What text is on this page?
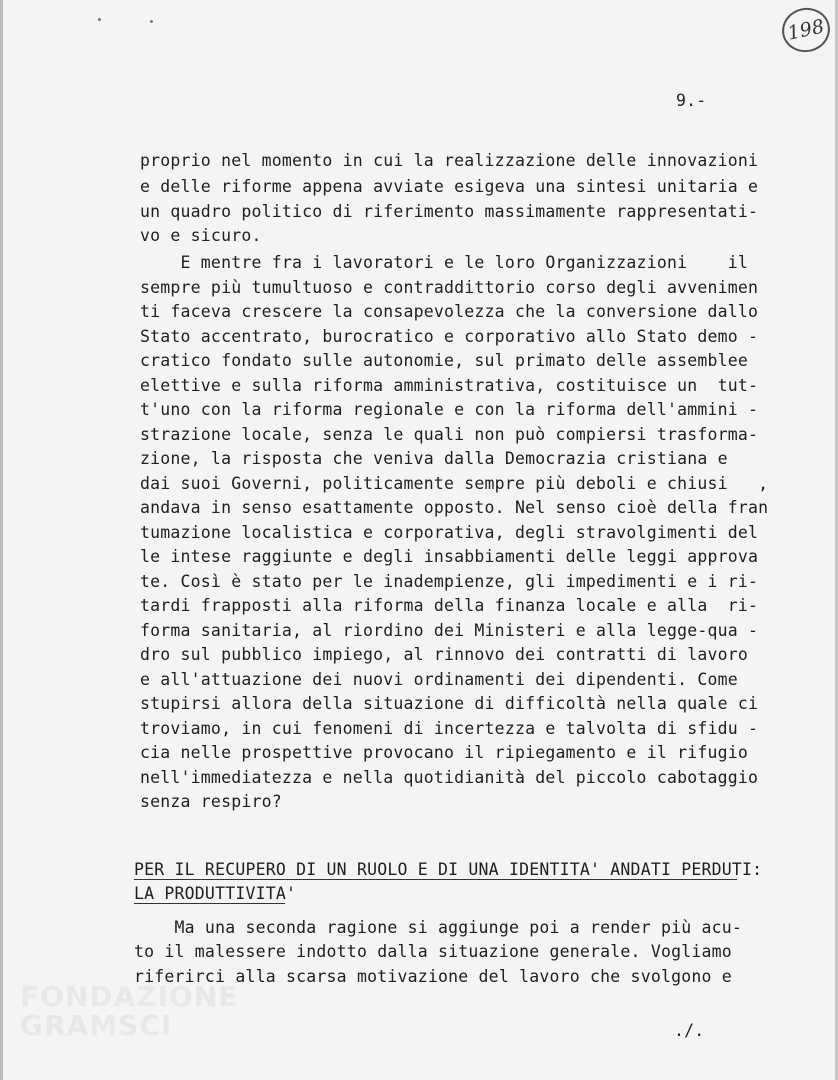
198
9.-
proprio nel momento in cui la realizzazione delle innovazioni
e delle riforme appena avviate esigeva una sintesi unitaria e
un quadro politico di riferimento massimamente rappresentati-
vo e sicuro.
E mentre fra i lavoratori e le loro Organizzazioni    il
sempre più tumultuoso e contraddittorio corso degli avvenimen
ti faceva crescere la consapevolezza che la conversione dallo
Stato accentrato, burocratico e corporativo allo Stato demo -
cratico fondato sulle autonomie, sul primato delle assemblee
elettive e sulla riforma amministrativa, costituisce un  tut-
t'uno con la riforma regionale e con la riforma dell'ammini -
strazione locale, senza le quali non può compiersi trasforma-
zione, la risposta che veniva dalla Democrazia cristiana e
dai suoi Governi, politicamente sempre più deboli e chiusi   ,
andava in senso esattamente opposto. Nel senso cioè della fran
tumazione localistica e corporativa, degli stravolgimenti del
le intese raggiunte e degli insabbiamenti delle leggi approva
te. Così è stato per le inadempienze, gli impedimenti e i ri-
tardi frapposti alla riforma della finanza locale e alla  ri-
forma sanitaria, al riordino dei Ministeri e alla legge-qua -
dro sul pubblico impiego, al rinnovo dei contratti di lavoro
e all'attuazione dei nuovi ordinamenti dei dipendenti. Come
stupirsi allora della situazione di difficoltà nella quale ci
troviamo, in cui fenomeni di incertezza e talvolta di sfidu -
cia nelle prospettive provocano il ripiegamento e il rifugio
nell'immediatezza e nella quotidianità del piccolo cabotaggio
senza respiro?
PER IL RECUPERO DI UN RUOLO E DI UNA IDENTITA' ANDATI PERDUTI:
LA PRODUTTIVITA'
Ma una seconda ragione si aggiunge poi a render più acu-
to il malessere indotto dalla situazione generale. Vogliamo
riferirci alla scarsa motivazione del lavoro che svolgono e
FONDAZIONE
GRAMSCI	./.
